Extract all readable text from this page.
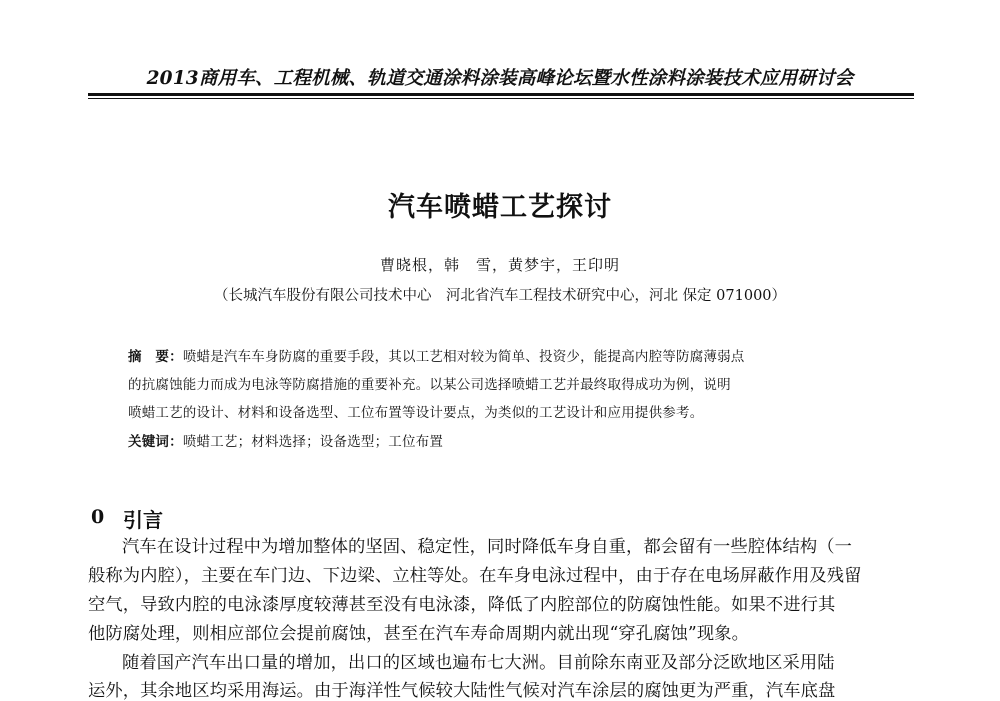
2013商用车、工程机械、轨道交通涂料涂装高峰论坛暨水性涂料涂装技术应用研讨会
汽车喷蜡工艺探讨
曹晓根，韩　雪，黄梦宇，王印明
（长城汽车股份有限公司技术中心　河北省汽车工程技术研究中心，河北 保定 071000）
摘　要：喷蜡是汽车车身防腐的重要手段，其以工艺相对较为简单、投资少，能提高内腔等防腐薄弱点
的抗腐蚀能力而成为电泳等防腐措施的重要补充。以某公司选择喷蜡工艺并最终取得成功为例，说明
喷蜡工艺的设计、材料和设备选型、工位布置等设计要点，为类似的工艺设计和应用提供参考。
关键词：喷蜡工艺；材料选择；设备选型；工位布置
0 引言
汽车在设计过程中为增加整体的坚固、稳定性，同时降低车身自重，都会留有一些腔体结构（一
般称为内腔），主要在车门边、下边梁、立柱等处。在车身电泳过程中，由于存在电场屏蔽作用及残留
空气，导致内腔的电泳漆厚度较薄甚至没有电泳漆，降低了内腔部位的防腐蚀性能。如果不进行其
他防腐处理，则相应部位会提前腐蚀，甚至在汽车寿命周期内就出现“穿孔腐蚀”现象。
随着国产汽车出口量的增加，出口的区域也遍布七大洲。目前除东南亚及部分泛欧地区采用陆
运外，其余地区均采用海运。由于海洋性气候较大陆性气候对汽车涂层的腐蚀更为严重，汽车底盘
